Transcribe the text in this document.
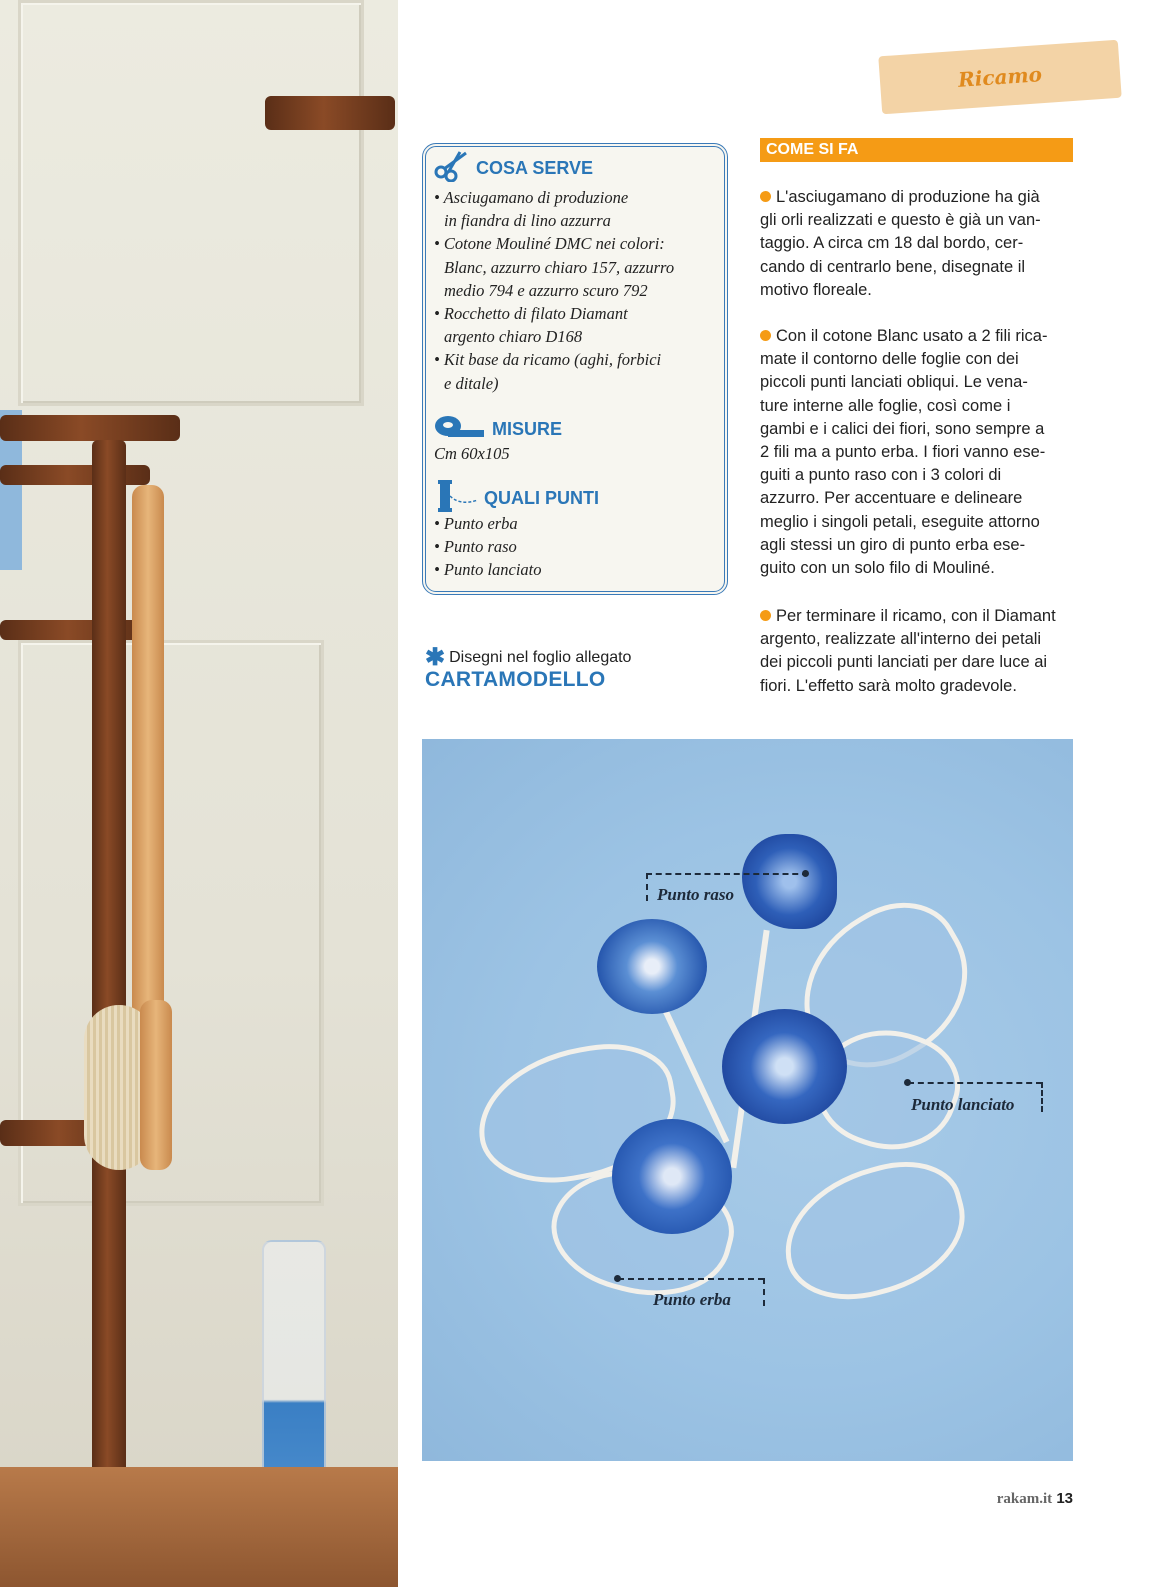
Ricamo
COSA SERVE
• Asciugamano di produzione
in fiandra di lino azzurra
• Cotone Mouliné DMC nei colori:
Blanc, azzurro chiaro 157, azzurro
medio 794 e azzurro scuro 792
• Rocchetto di filato Diamant
argento chiaro D168
• Kit base da ricamo (aghi, forbici
e ditale)
MISURE
Cm 60x105
QUALI PUNTI
• Punto erba
• Punto raso
• Punto lanciato
✱ Disegni nel foglio allegato
CARTAMODELLO
COME SI FA
L'asciugamano di produzione ha già
gli orli realizzati e questo è già un van-
taggio. A circa cm 18 dal bordo, cer-
cando di centrarlo bene, disegnate il
motivo floreale.
Con il cotone Blanc usato a 2 fili rica-
mate il contorno delle foglie con dei
piccoli punti lanciati obliqui. Le vena-
ture interne alle foglie, così come i
gambi e i calici dei fiori, sono sempre a
2 fili ma a punto erba. I fiori vanno ese-
guiti a punto raso con i 3 colori di
azzurro. Per accentuare e delineare
meglio i singoli petali, eseguite attorno
agli stessi un giro di punto erba ese-
guito con un solo filo di Mouliné.
Per terminare il ricamo, con il Diamant
argento, realizzate all'interno dei petali
dei piccoli punti lanciati per dare luce ai
fiori. L'effetto sarà molto gradevole.
Punto raso
Punto lanciato
Punto erba
rakam.it 13
